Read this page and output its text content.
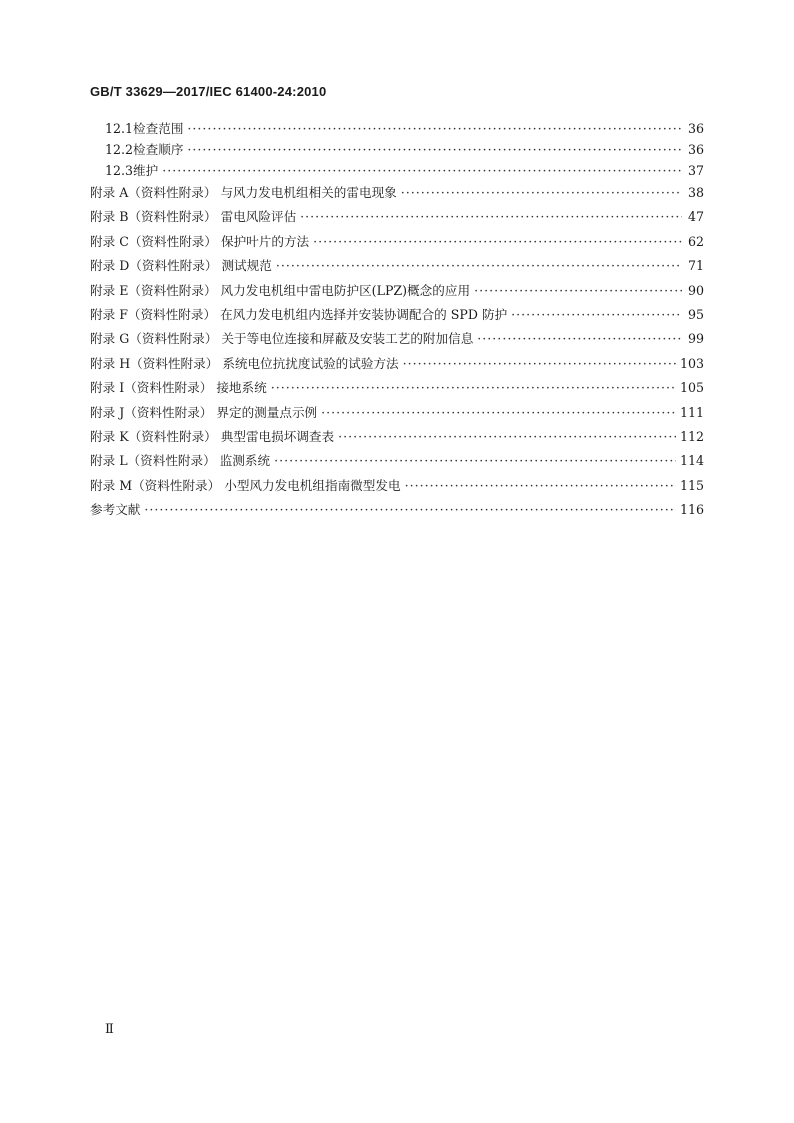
GB/T 33629—2017/IEC 61400-24:2010
12.1 检查范围 ·····	36
12.2 检查顺序 ·····	36
12.3 维护 ·····	37
附录 A（资料性附录） 与风力发电机组相关的雷电现象 ·····	38
附录 B（资料性附录） 雷电风险评估 ·····	47
附录 C（资料性附录） 保护叶片的方法 ·····	62
附录 D（资料性附录） 测试规范 ·····	71
附录 E（资料性附录） 风力发电机组中雷电防护区(LPZ)概念的应用 ·····	90
附录 F（资料性附录） 在风力发电机组内选择并安装协调配合的 SPD 防护 ·····	95
附录 G（资料性附录） 关于等电位连接和屏蔽及安装工艺的附加信息 ·····	99
附录 H（资料性附录） 系统电位抗扰度试验的试验方法 ·····	103
附录 I（资料性附录） 接地系统 ·····	105
附录 J（资料性附录） 界定的测量点示例 ·····	111
附录 K（资料性附录） 典型雷电损坏调查表 ·····	112
附录 L（资料性附录） 监测系统 ·····	114
附录 M（资料性附录） 小型风力发电机组指南微型发电 ·····	115
参考文献 ·····	116
Ⅱ
